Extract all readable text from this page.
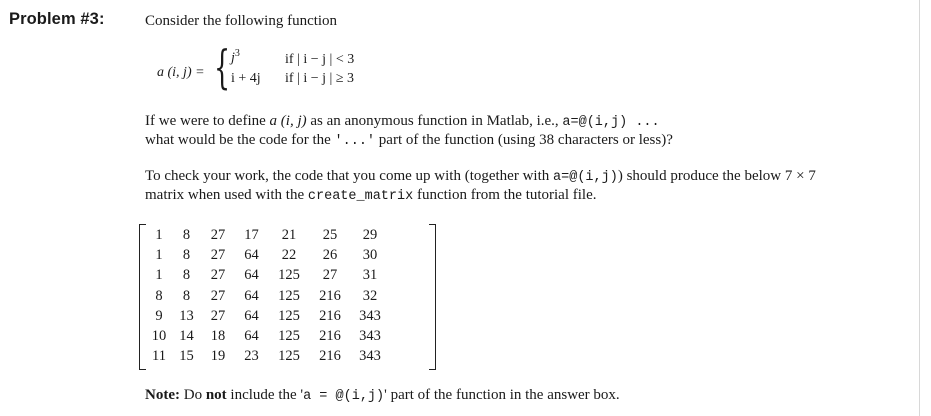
Problem #3:	Consider the following function
a (i, j) = { $j^3$	if | i − j | < 3
i + 4j if | i − j | ≥ 3
If we were to define a (i, j) as an anonymous function in Matlab, i.e., a=@(i,j) ...
what would be the code for the '...' part of the function (using 38 characters or less)?
To check your work, the code that you come up with (together with a=@(i,j)) should produce the below 7 × 7
matrix when used with the create_matrix function from the tutorial file.
1	8	27	17	21	25	29
1	8	27	64	22	26	30
1	8	27	64	125	27	31
8	8	27	64	125	216	32
9	13	27	64	125	216	343
10	14	18	64	125	216	343
11	15	19	23	125	216	343
Note: Do not include the 'a = @(i,j)' part of the function in the answer box.
